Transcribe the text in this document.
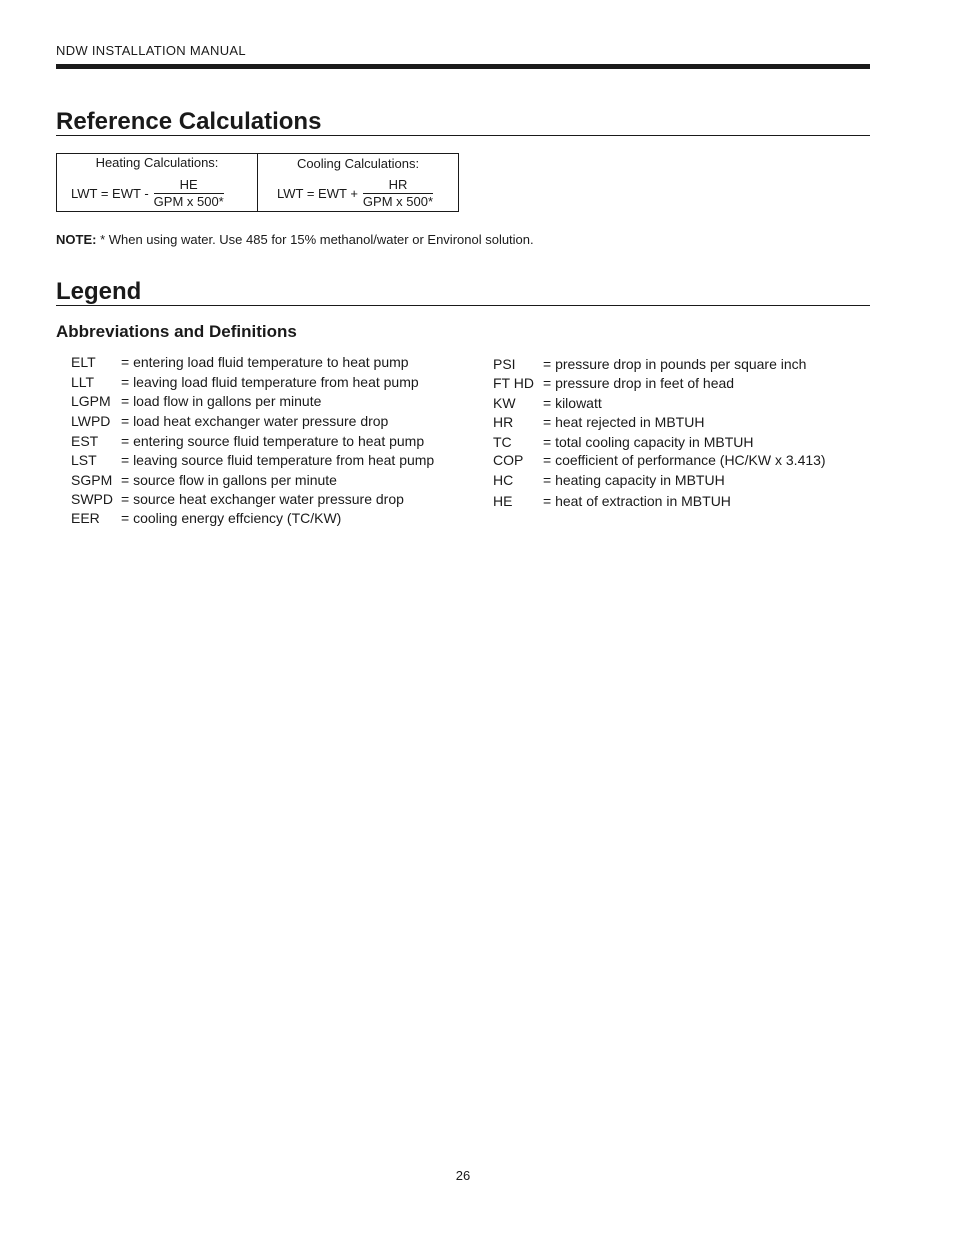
NDW INSTALLATION MANUAL
Reference Calculations
Heating Calculations:
LWT = EWT - $\frac{HE}{\text{GPM x 500*}}$
Cooling Calculations:
LWT = EWT + $\frac{HR}{\text{GPM x 500*}}$
NOTE: * When using water. Use 485 for 15% methanol/water or Environol solution.
Legend
Abbreviations and Definitions
ELT = entering load fluid temperature to heat pump
LLT = leaving load fluid temperature from heat pump
LGPM = load flow in gallons per minute
LWPD = load heat exchanger water pressure drop
EST = entering source fluid temperature to heat pump
LST = leaving source fluid temperature from heat pump
SGPM = source flow in gallons per minute
SWPD = source heat exchanger water pressure drop
EER = cooling energy effciency (TC/KW)
PSI = pressure drop in pounds per square inch
FT HD = pressure drop in feet of head
KW = kilowatt
HR = heat rejected in MBTUH
TC = total cooling capacity in MBTUH
COP = coefficient of performance (HC/KW x 3.413)
HC = heating capacity in MBTUH
HE = heat of extraction in MBTUH
26
